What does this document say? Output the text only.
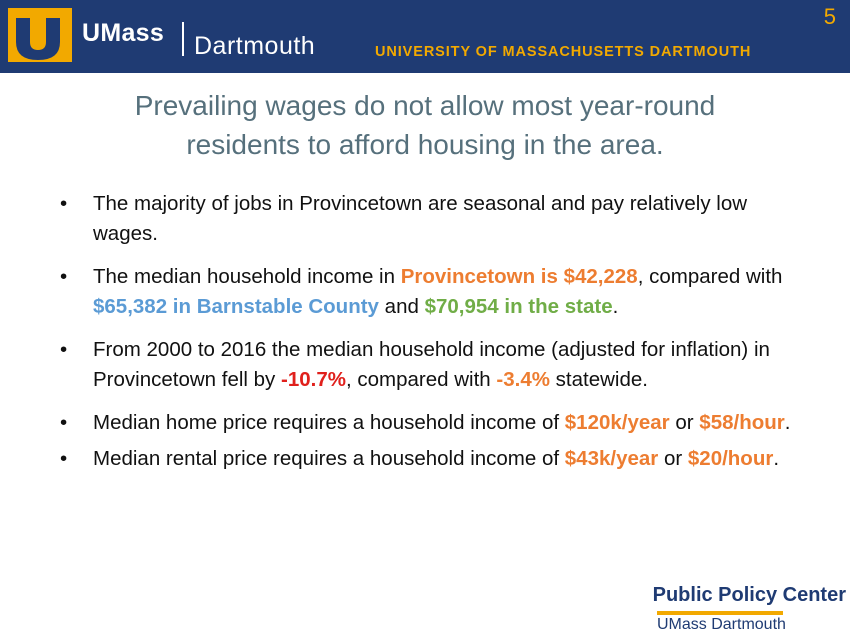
UMass Dartmouth	UNIVERSITY OF MASSACHUSETTS DARTMOUTH
5
Prevailing wages do not allow most year-round
residents to afford housing in the area.
• The majority of jobs in Provincetown are seasonal and pay relatively low wages.
• The median household income in Provincetown is $42,228, compared with $65,382 in Barnstable County and $70,954 in the state.
• From 2000 to 2016 the median household income (adjusted for inflation) in Provincetown fell by -10.7%, compared with -3.4% statewide.
• Median home price requires a household income of $120k/year or $58/hour.
• Median rental price requires a household income of $43k/year or $20/hour.
Public Policy Center
UMass Dartmouth
